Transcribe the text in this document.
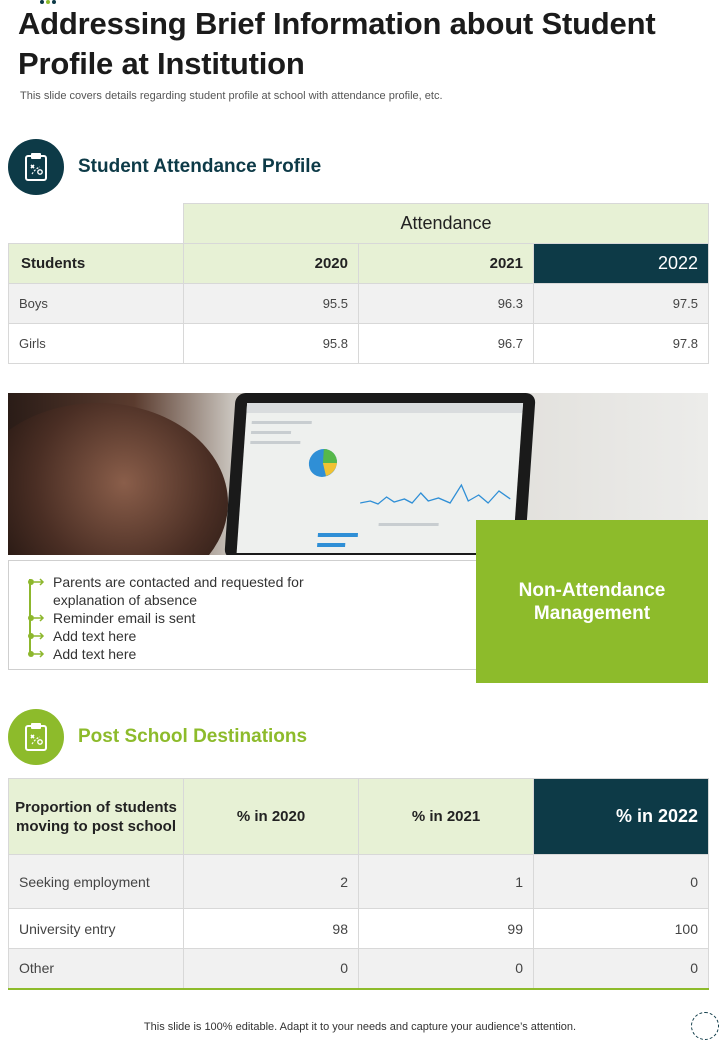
Addressing Brief Information about Student Profile at Institution

This slide covers details regarding student profile at school with attendance profile, etc.

Student Attendance Profile
	Attendance		
Students	2020	2021	2022
Boys	95.5	96.3	97.5
Girls	95.8	96.7	97.8
Parents are contacted and requested for
explanation of absence
Reminder email is sent
Add text here
Add text here
Non-Attendance Management
Post School Destinations
Proportion of students moving to post school	% in 2020	% in 2021	% in 2022
Seeking employment	2	1	0
University entry	98	99	100
Other	0	0	0

This slide is 100% editable. Adapt it to your needs and capture your audience’s attention.
